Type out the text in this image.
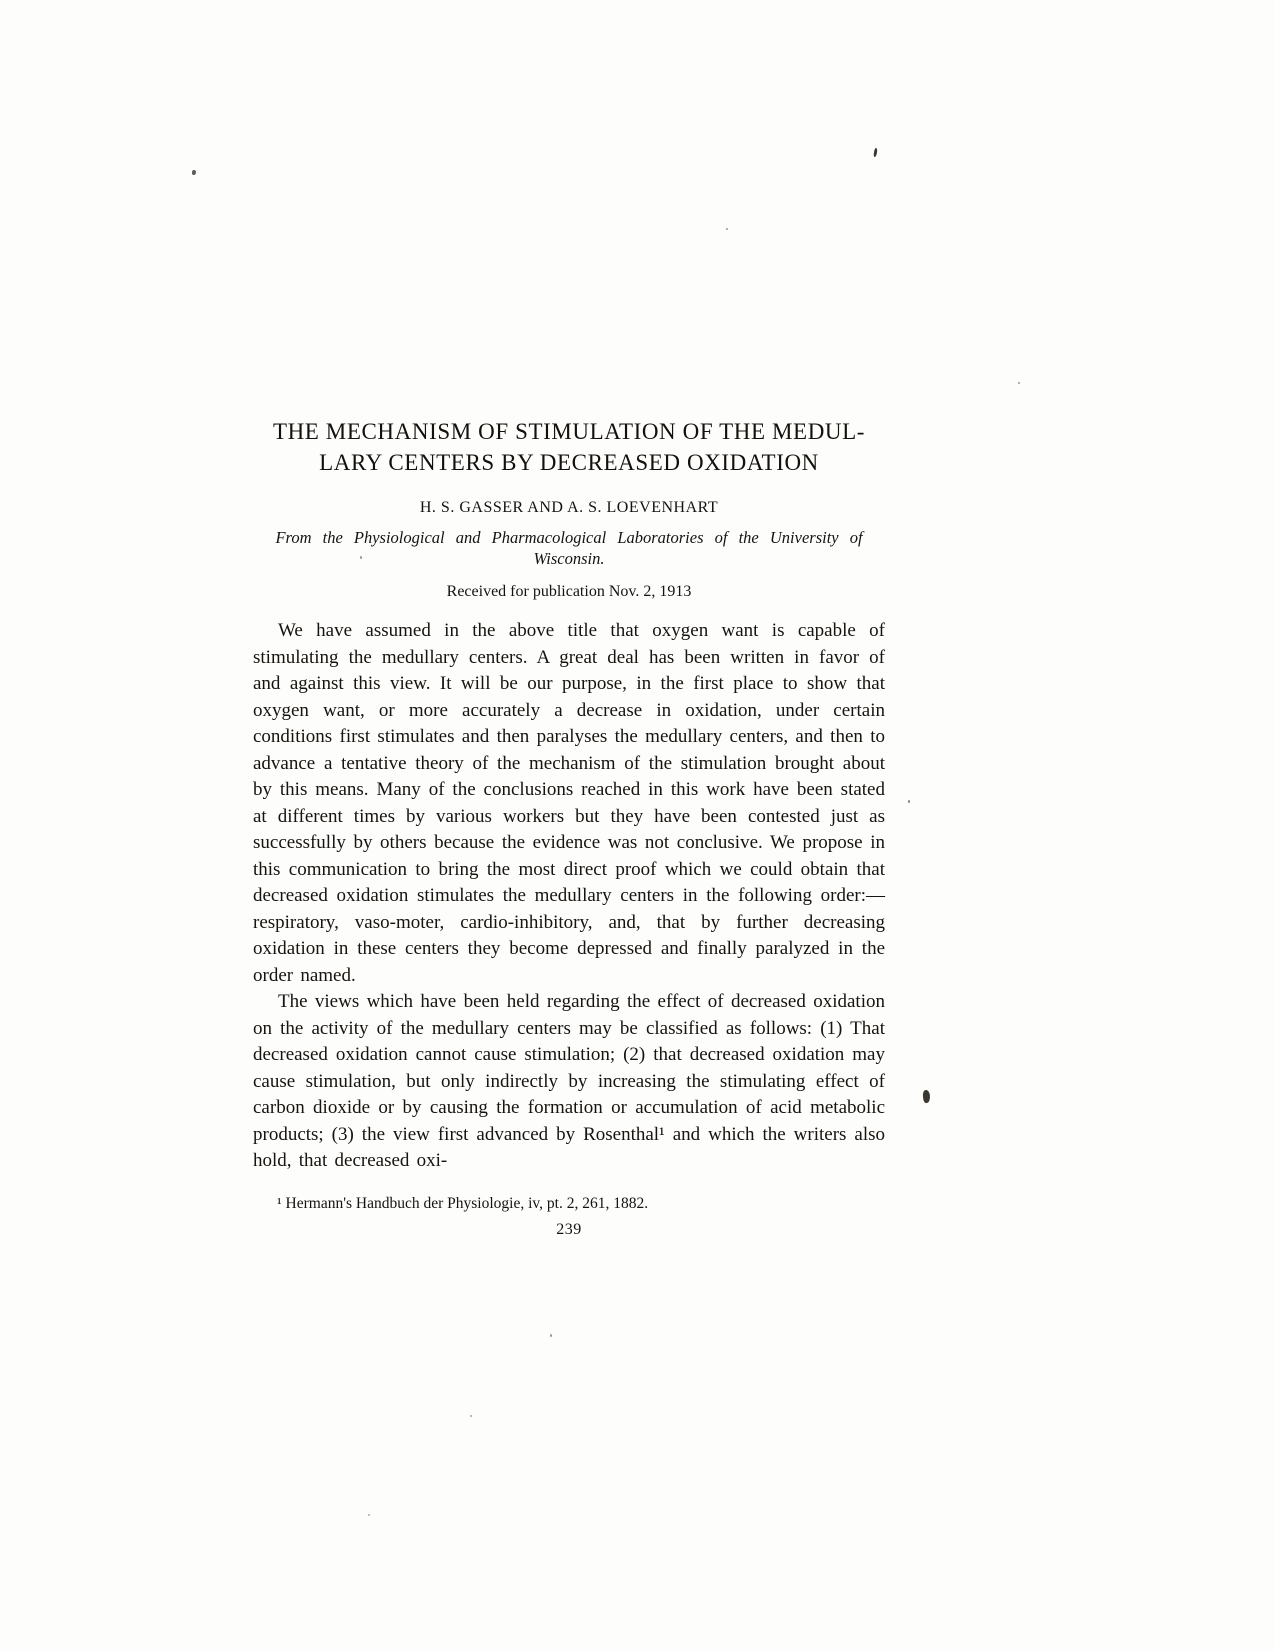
THE MECHANISM OF STIMULATION OF THE MEDUL-
LARY CENTERS BY DECREASED OXIDATION
H. S. GASSER AND A. S. LOEVENHART
From the Physiological and Pharmacological Laboratories of the University of
Wisconsin.
Received for publication Nov. 2, 1913

We have assumed in the above title that oxygen want is capable of stimulating the medullary centers. A great deal has been written in favor of and against this view. It will be our purpose, in the first place to show that oxygen want, or more accurately a decrease in oxidation, under certain conditions first stimulates and then paralyses the medullary centers, and then to advance a tentative theory of the mechanism of the stimulation brought about by this means. Many of the conclusions reached in this work have been stated at different times by various workers but they have been contested just as successfully by others because the evidence was not conclusive. We propose in this communication to bring the most direct proof which we could obtain that decreased oxidation stimulates the medullary centers in the following order:—respiratory, vaso-moter, cardio-inhibitory, and, that by further decreasing oxidation in these centers they become depressed and finally paralyzed in the order named.

The views which have been held regarding the effect of decreased oxidation on the activity of the medullary centers may be classified as follows: (1) That decreased oxidation cannot cause stimulation; (2) that decreased oxidation may cause stimulation, but only indirectly by increasing the stimulating effect of carbon dioxide or by causing the formation or accumulation of acid metabolic products; (3) the view first advanced by Rosenthal¹ and which the writers also hold, that decreased oxi-

¹ Hermann's Handbuch der Physiologie, iv, pt. 2, 261, 1882.
239
